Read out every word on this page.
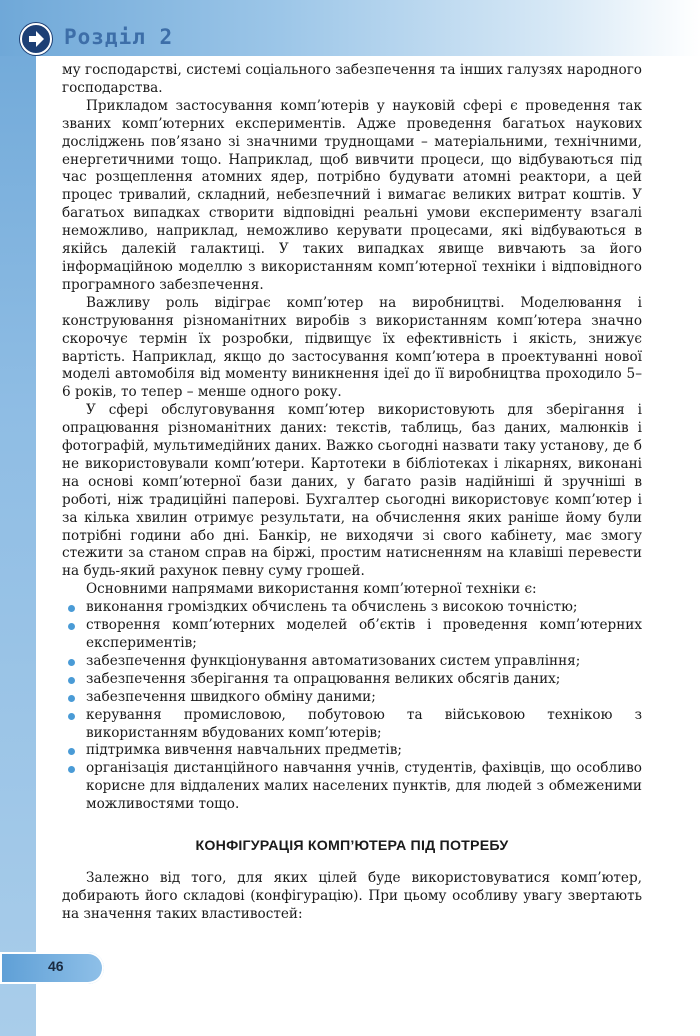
Розділ 2

му господарстві, системі соціального забезпечення та інших галузях народного господарства.

Прикладом застосування комп’ютерів у науковій сфері є проведення так званих комп’ютерних експериментів. Адже проведення багатьох наукових досліджень пов’язано зі значними труднощами – матеріальними, технічними, енергетичними тощо. Наприклад, щоб вивчити процеси, що відбуваються під час розщеплення атомних ядер, потрібно будувати атомні реактори, а цей процес тривалий, складний, небезпечний і вимагає великих витрат коштів. У багатьох випадках створити відповідні реальні умови експерименту взагалі неможливо, наприклад, неможливо керувати процесами, які відбуваються в якійсь далекій галактиці. У таких випадках явище вивчають за його інформаційною моделлю з використанням комп’ютерної техніки і відповідного програмного забезпечення.

Важливу роль відіграє комп’ютер на виробництві. Моделювання і конструювання різноманітних виробів з використанням комп’ютера значно скорочує термін їх розробки, підвищує їх ефективність і якість, знижує вартість. Наприклад, якщо до застосування комп’ютера в проектуванні нової моделі автомобіля від моменту виникнення ідеї до її виробництва проходило 5–6 років, то тепер – менше одного року.

У сфері обслуговування комп’ютер використовують для зберігання і опрацювання різноманітних даних: текстів, таблиць, баз даних, малюнків і фотографій, мультимедійних даних. Важко сьогодні назвати таку установу, де б не використовували комп’ютери. Картотеки в бібліотеках і лікарнях, виконані на основі комп’ютерної бази даних, у багато разів надійніші й зручніші в роботі, ніж традиційні паперові. Бухгалтер сьогодні використовує комп’ютер і за кілька хвилин отримує результати, на обчислення яких раніше йому були потрібні години або дні. Банкір, не виходячи зі свого кабінету, має змогу стежити за станом справ на біржі, простим натисненням на клавіші перевести на будь-який рахунок певну суму грошей.

Основними напрямами використання комп’ютерної техніки є:

виконання громіздких обчислень та обчислень з високою точністю;
створення комп’ютерних моделей об’єктів і проведення комп’ютерних експериментів;
забезпечення функціонування автоматизованих систем управління;
забезпечення зберігання та опрацювання великих обсягів даних;
забезпечення швидкого обміну даними;
керування промисловою, побутовою та військовою технікою з використанням вбудованих комп’ютерів;
підтримка вивчення навчальних предметів;
організація дистанційного навчання учнів, студентів, фахівців, що особливо корисне для віддалених малих населених пунктів, для людей з обмеженими можливостями тощо.
КОНФІГУРАЦІЯ КОМП’ЮТЕРА ПІД ПОТРЕБУ

Залежно від того, для яких цілей буде використовуватися комп’ютер, добирають його складові (конфігурацію). При цьому особливу увагу звертають на значення таких властивостей:

46
